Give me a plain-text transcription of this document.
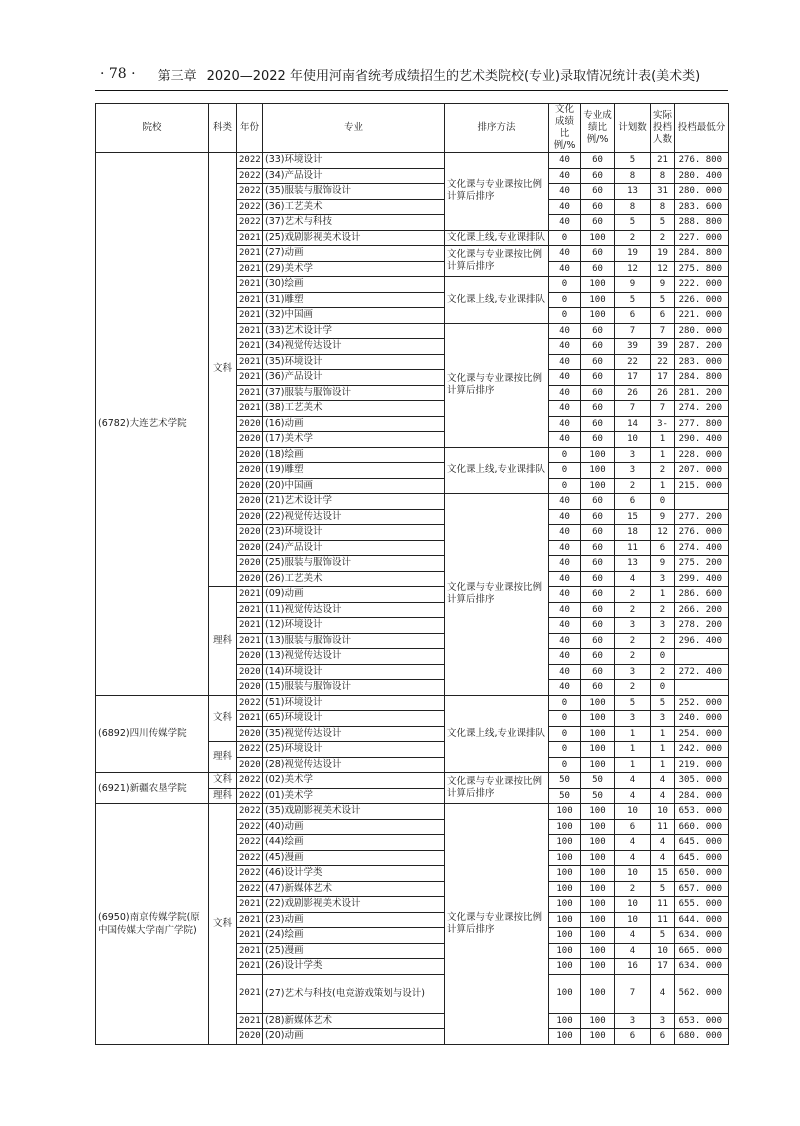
· 78 · 第三章 2020—2022 年使用河南省统考成绩招生的艺术类院校(专业)录取情况统计表(美术类)
院校	科类	年份	专业	排序方法	文化成绩比例/%	专业成绩比例/%	计划数	实际投档人数	投档最低分
(6782)大连艺术学院	文科	2022	(33)环境设计	文化课与专业课按比例计算后排序	40	60	5	21	276. 800
		2022	(34)产品设计		40	60	8	8	280. 400
		2022	(35)服装与服饰设计		40	60	13	31	280. 000
		2022	(36)工艺美术		40	60	8	8	283. 600
		2022	(37)艺术与科技		40	60	5	5	288. 800
		2021	(25)戏剧影视美术设计	文化课上线,专业课排队	0	100	2	2	227. 000
		2021	(27)动画	文化课与专业课按比例计算后排序	40	60	19	19	284. 800
		2021	(29)美术学		40	60	12	12	275. 800
		2021	(30)绘画	文化课上线,专业课排队	0	100	9	9	222. 000
		2021	(31)雕塑		0	100	5	5	226. 000
		2021	(32)中国画		0	100	6	6	221. 000
		2021	(33)艺术设计学	文化课与专业课按比例计算后排序	40	60	7	7	280. 000
		2021	(34)视觉传达设计		40	60	39	39	287. 200
		2021	(35)环境设计		40	60	22	22	283. 000
		2021	(36)产品设计		40	60	17	17	284. 800
		2021	(37)服装与服饰设计		40	60	26	26	281. 200
		2021	(38)工艺美术		40	60	7	7	274. 200
		2020	(16)动画		40	60	14	3-	277. 800
		2020	(17)美术学		40	60	10	1	290. 400
		2020	(18)绘画	文化课上线,专业课排队	0	100	3	1	228. 000
		2020	(19)雕塑		0	100	3	2	207. 000
		2020	(20)中国画		0	100	2	1	215. 000
		2020	(21)艺术设计学	文化课与专业课按比例计算后排序	40	60	6	0	
		2020	(22)视觉传达设计		40	60	15	9	277. 200
		2020	(23)环境设计		40	60	18	12	276. 000
		2020	(24)产品设计		40	60	11	6	274. 400
		2020	(25)服装与服饰设计		40	60	13	9	275. 200
		2020	(26)工艺美术		40	60	4	3	299. 400
	理科	2021	(09)动画		40	60	2	1	286. 600
		2021	(11)视觉传达设计		40	60	2	2	266. 200
		2021	(12)环境设计		40	60	3	3	278. 200
		2021	(13)服装与服饰设计		40	60	2	2	296. 400
		2020	(13)视觉传达设计		40	60	2	0	
		2020	(14)环境设计		40	60	3	2	272. 400
		2020	(15)服装与服饰设计		40	60	2	0	
(6892)四川传媒学院	文科	2022	(51)环境设计	文化课上线,专业课排队	0	100	5	5	252. 000
		2021	(65)环境设计		0	100	3	3	240. 000
		2020	(35)视觉传达设计		0	100	1	1	254. 000
	理科	2022	(25)环境设计		0	100	1	1	242. 000
		2020	(28)视觉传达设计		0	100	1	1	219. 000
(6921)新疆农垦学院	文科	2022	(02)美术学	文化课与专业课按比例计算后排序	50	50	4	4	305. 000
	理科	2022	(01)美术学		50	50	4	4	284. 000
(6950)南京传媒学院(原中国传媒大学南广学院)	文科	2022	(35)戏剧影视美术设计	文化课与专业课按比例计算后排序	100	100	10	10	653. 000
		2022	(40)动画		100	100	6	11	660. 000
		2022	(44)绘画		100	100	4	4	645. 000
		2022	(45)漫画		100	100	4	4	645. 000
		2022	(46)设计学类		100	100	10	15	650. 000
		2022	(47)新媒体艺术		100	100	2	5	657. 000
		2021	(22)戏剧影视美术设计		100	100	10	11	655. 000
		2021	(23)动画		100	100	10	11	644. 000
		2021	(24)绘画		100	100	4	5	634. 000
		2021	(25)漫画		100	100	4	10	665. 000
		2021	(26)设计学类		100	100	16	17	634. 000
		2021	(27)艺术与科技(电竞游戏策划与设计)		100	100	7	4	562. 000
		2021	(28)新媒体艺术		100	100	3	3	653. 000
		2020	(20)动画		100	100	6	6	680. 000
